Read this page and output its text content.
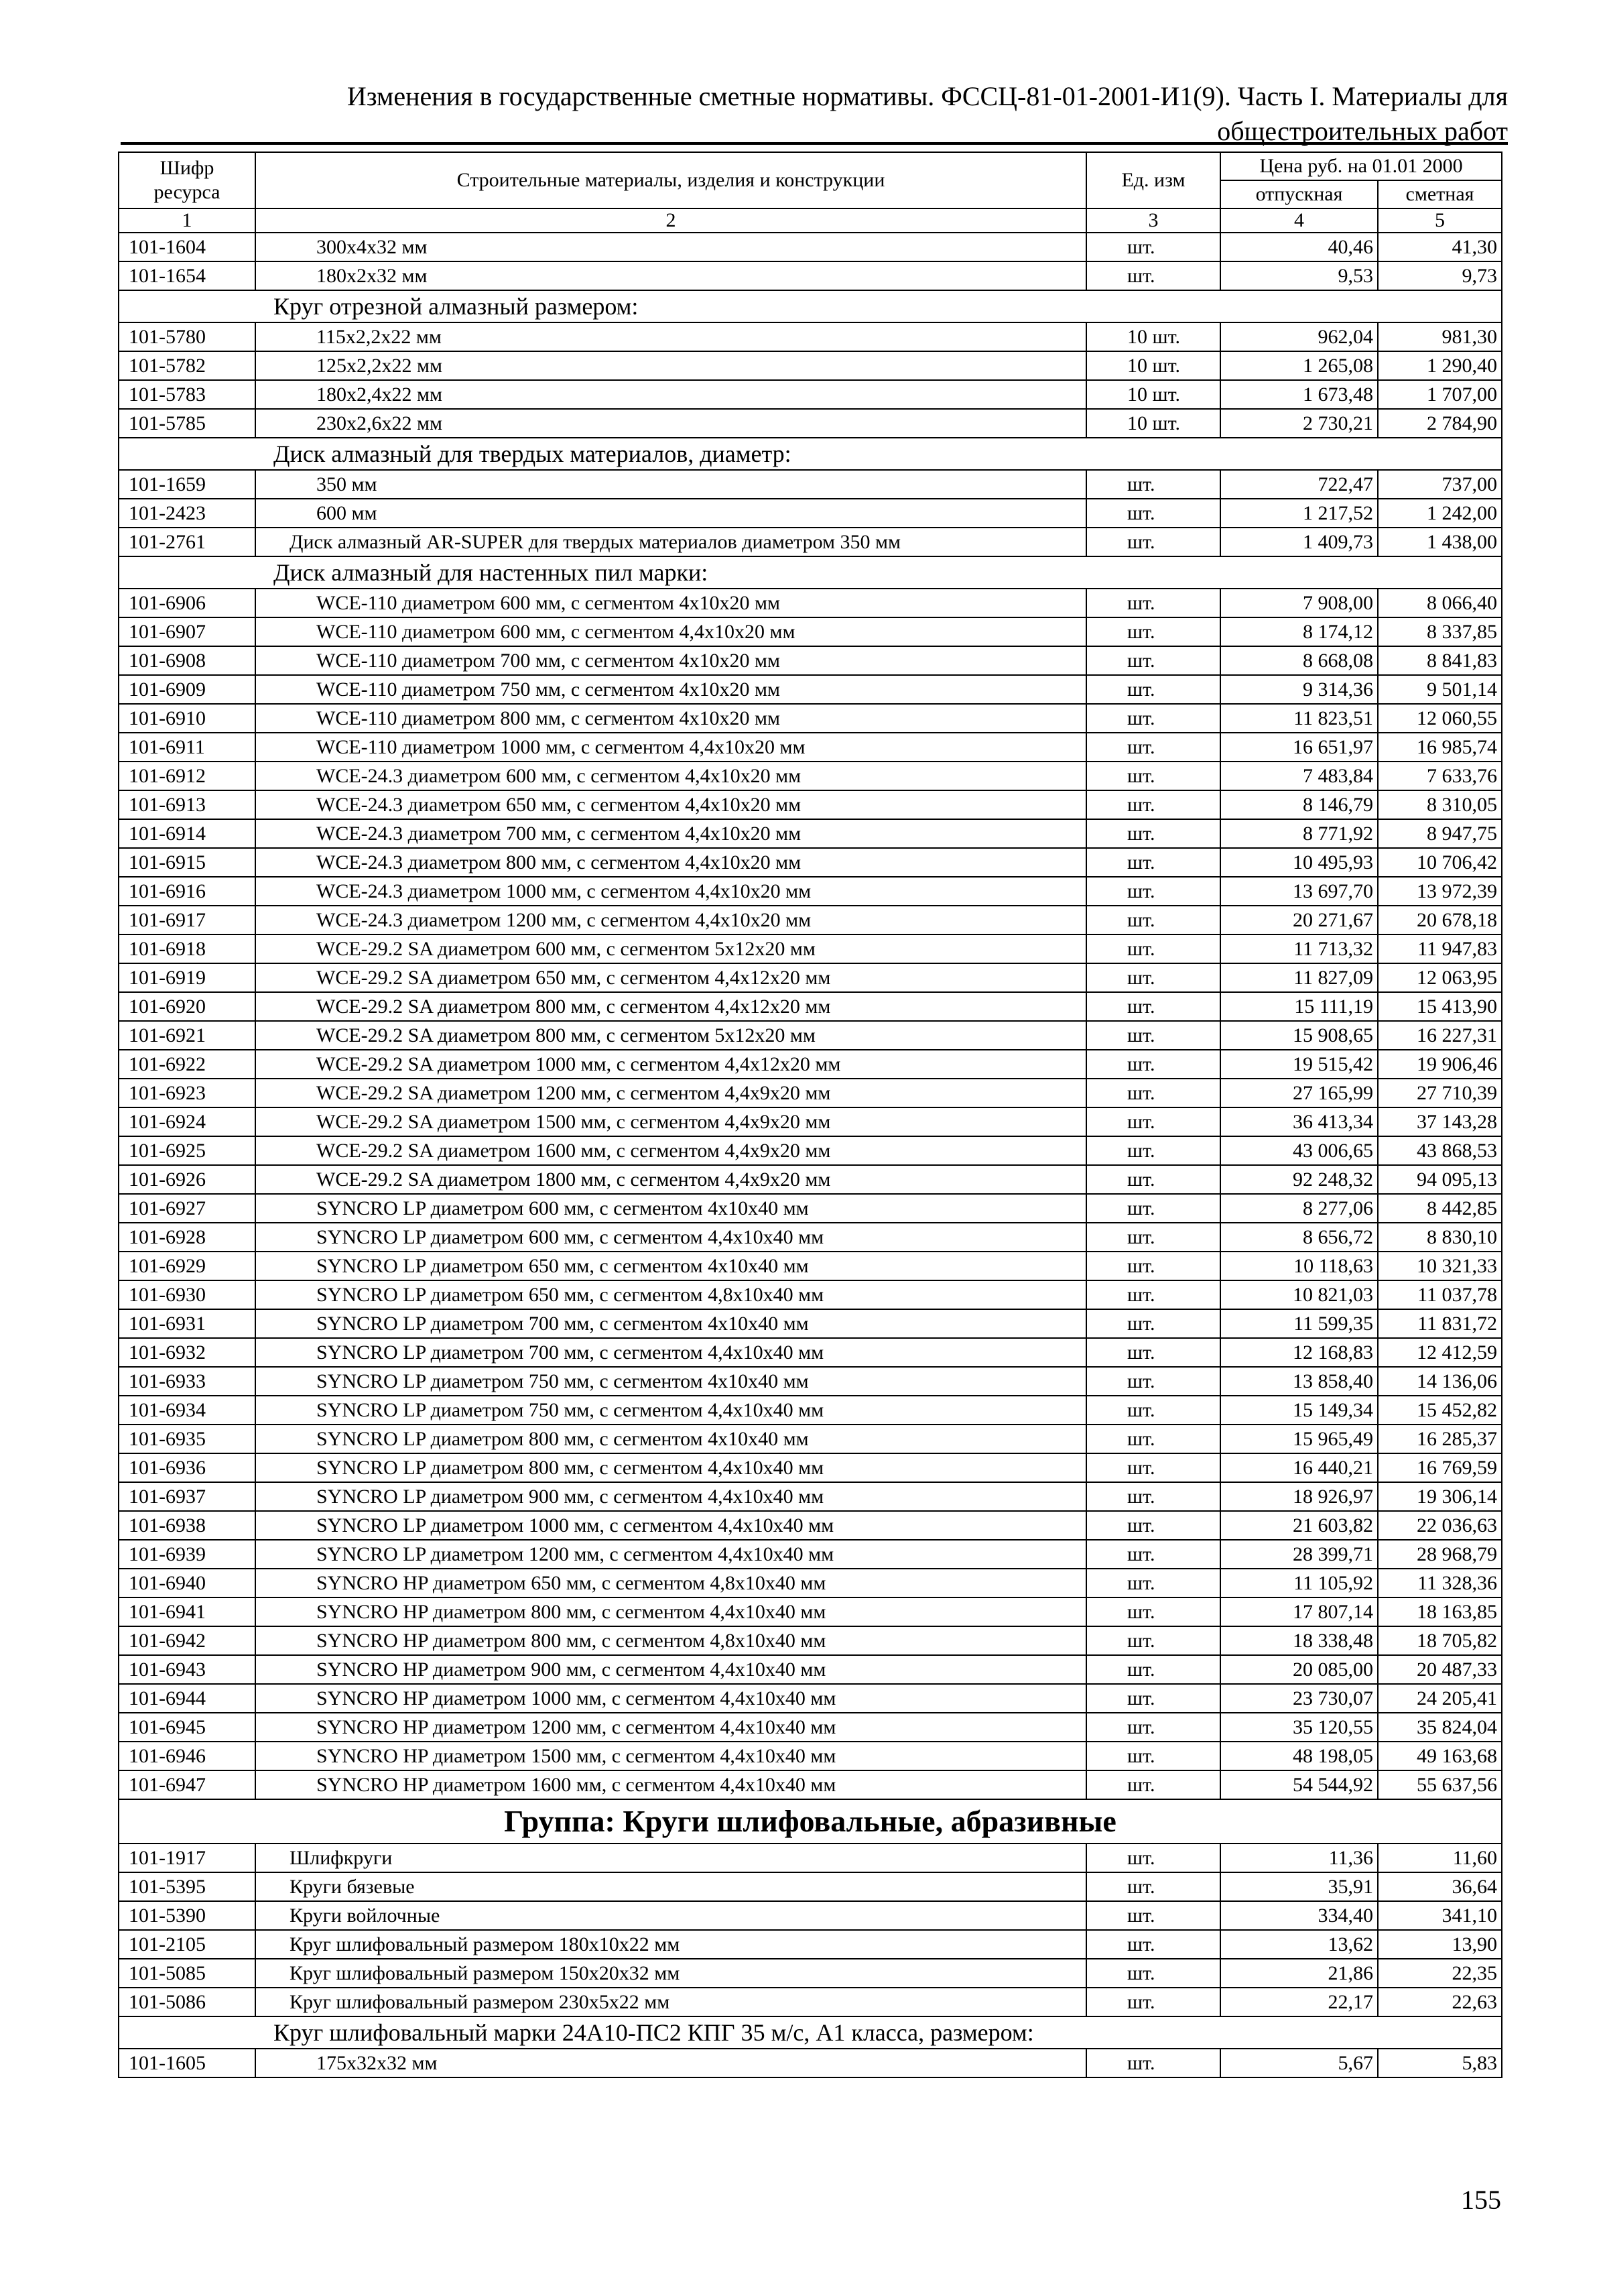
Изменения в государственные сметные нормативы. ФССЦ-81-01-2001-И1(9). Часть I. Материалы для
общестроительных работ
Шифр ресурса	Строительные материалы, изделия и конструкции	Ед. изм	Цена руб. на 01.01 2000	
			отпускная	сметная
1	2	3	4	5
101-1604	300x4x32 мм	шт.	40,46	41,30
101-1654	180x2x32 мм	шт.	9,53	9,73
Круг отрезной алмазный размером:				
101-5780	115x2,2x22 мм	10 шт.	962,04	981,30
101-5782	125x2,2x22 мм	10 шт.	1 265,08	1 290,40
101-5783	180x2,4x22 мм	10 шт.	1 673,48	1 707,00
101-5785	230x2,6x22 мм	10 шт.	2 730,21	2 784,90
Диск алмазный для твердых материалов, диаметр:				
101-1659	350 мм	шт.	722,47	737,00
101-2423	600 мм	шт.	1 217,52	1 242,00
101-2761	Диск алмазный AR-SUPER для твердых материалов диаметром 350 мм	шт.	1 409,73	1 438,00
Диск алмазный для настенных пил марки:				
101-6906	WCE-110 диаметром 600 мм, с сегментом 4x10x20 мм	шт.	7 908,00	8 066,40
101-6907	WCE-110 диаметром 600 мм, с сегментом 4,4x10x20 мм	шт.	8 174,12	8 337,85
101-6908	WCE-110 диаметром 700 мм, с сегментом 4x10x20 мм	шт.	8 668,08	8 841,83
101-6909	WCE-110 диаметром 750 мм, с сегментом 4x10x20 мм	шт.	9 314,36	9 501,14
101-6910	WCE-110 диаметром 800 мм, с сегментом 4x10x20 мм	шт.	11 823,51	12 060,55
101-6911	WCE-110 диаметром 1000 мм, с сегментом 4,4x10x20 мм	шт.	16 651,97	16 985,74
101-6912	WCE-24.3 диаметром 600 мм, с сегментом 4,4x10x20 мм	шт.	7 483,84	7 633,76
101-6913	WCE-24.3 диаметром 650 мм, с сегментом 4,4x10x20 мм	шт.	8 146,79	8 310,05
101-6914	WCE-24.3 диаметром 700 мм, с сегментом 4,4x10x20 мм	шт.	8 771,92	8 947,75
101-6915	WCE-24.3 диаметром 800 мм, с сегментом 4,4x10x20 мм	шт.	10 495,93	10 706,42
101-6916	WCE-24.3 диаметром 1000 мм, с сегментом 4,4x10x20 мм	шт.	13 697,70	13 972,39
101-6917	WCE-24.3 диаметром 1200 мм, с сегментом 4,4x10x20 мм	шт.	20 271,67	20 678,18
101-6918	WCE-29.2 SA диаметром 600 мм, с сегментом 5x12x20 мм	шт.	11 713,32	11 947,83
101-6919	WCE-29.2 SA диаметром 650 мм, с сегментом 4,4x12x20 мм	шт.	11 827,09	12 063,95
101-6920	WCE-29.2 SA диаметром 800 мм, с сегментом 4,4x12x20 мм	шт.	15 111,19	15 413,90
101-6921	WCE-29.2 SA диаметром 800 мм, с сегментом 5x12x20 мм	шт.	15 908,65	16 227,31
101-6922	WCE-29.2 SA диаметром 1000 мм, с сегментом 4,4x12x20 мм	шт.	19 515,42	19 906,46
101-6923	WCE-29.2 SA диаметром 1200 мм, с сегментом 4,4x9x20 мм	шт.	27 165,99	27 710,39
101-6924	WCE-29.2 SA диаметром 1500 мм, с сегментом 4,4x9x20 мм	шт.	36 413,34	37 143,28
101-6925	WCE-29.2 SA диаметром 1600 мм, с сегментом 4,4x9x20 мм	шт.	43 006,65	43 868,53
101-6926	WCE-29.2 SA диаметром 1800 мм, с сегментом 4,4x9x20 мм	шт.	92 248,32	94 095,13
101-6927	SYNCRO LP диаметром 600 мм, с сегментом 4x10x40 мм	шт.	8 277,06	8 442,85
101-6928	SYNCRO LP диаметром 600 мм, с сегментом 4,4x10x40 мм	шт.	8 656,72	8 830,10
101-6929	SYNCRO LP диаметром 650 мм, с сегментом 4x10x40 мм	шт.	10 118,63	10 321,33
101-6930	SYNCRO LP диаметром 650 мм, с сегментом 4,8x10x40 мм	шт.	10 821,03	11 037,78
101-6931	SYNCRO LP диаметром 700 мм, с сегментом 4x10x40 мм	шт.	11 599,35	11 831,72
101-6932	SYNCRO LP диаметром 700 мм, с сегментом 4,4x10x40 мм	шт.	12 168,83	12 412,59
101-6933	SYNCRO LP диаметром 750 мм, с сегментом 4x10x40 мм	шт.	13 858,40	14 136,06
101-6934	SYNCRO LP диаметром 750 мм, с сегментом 4,4x10x40 мм	шт.	15 149,34	15 452,82
101-6935	SYNCRO LP диаметром 800 мм, с сегментом 4x10x40 мм	шт.	15 965,49	16 285,37
101-6936	SYNCRO LP диаметром 800 мм, с сегментом 4,4x10x40 мм	шт.	16 440,21	16 769,59
101-6937	SYNCRO LP диаметром 900 мм, с сегментом 4,4x10x40 мм	шт.	18 926,97	19 306,14
101-6938	SYNCRO LP диаметром 1000 мм, с сегментом 4,4x10x40 мм	шт.	21 603,82	22 036,63
101-6939	SYNCRO LP диаметром 1200 мм, с сегментом 4,4x10x40 мм	шт.	28 399,71	28 968,79
101-6940	SYNCRO HP диаметром 650 мм, с сегментом 4,8x10x40 мм	шт.	11 105,92	11 328,36
101-6941	SYNCRO HP диаметром 800 мм, с сегментом 4,4x10x40 мм	шт.	17 807,14	18 163,85
101-6942	SYNCRO HP диаметром 800 мм, с сегментом 4,8x10x40 мм	шт.	18 338,48	18 705,82
101-6943	SYNCRO HP диаметром 900 мм, с сегментом 4,4x10x40 мм	шт.	20 085,00	20 487,33
101-6944	SYNCRO HP диаметром 1000 мм, с сегментом 4,4x10x40 мм	шт.	23 730,07	24 205,41
101-6945	SYNCRO HP диаметром 1200 мм, с сегментом 4,4x10x40 мм	шт.	35 120,55	35 824,04
101-6946	SYNCRO HP диаметром 1500 мм, с сегментом 4,4x10x40 мм	шт.	48 198,05	49 163,68
101-6947	SYNCRO HP диаметром 1600 мм, с сегментом 4,4x10x40 мм	шт.	54 544,92	55 637,56
Группа: Круги шлифовальные, абразивные				
101-1917	Шлифкруги	шт.	11,36	11,60
101-5395	Круги бязевые	шт.	35,91	36,64
101-5390	Круги войлочные	шт.	334,40	341,10
101-2105	Круг шлифовальный размером 180x10x22 мм	шт.	13,62	13,90
101-5085	Круг шлифовальный размером 150x20x32 мм	шт.	21,86	22,35
101-5086	Круг шлифовальный размером 230x5x22 мм	шт.	22,17	22,63
Круг шлифовальный марки 24А10-ПС2 КПГ 35 м/с, А1 класса, размером:				
101-1605	175x32x32 мм	шт.	5,67	5,83
155
